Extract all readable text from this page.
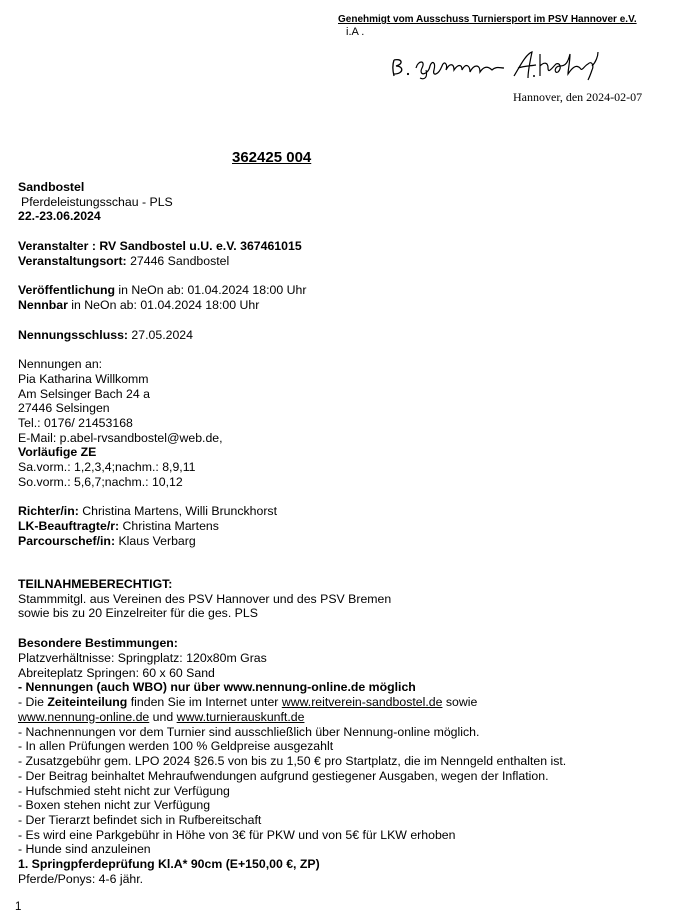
Genehmigt vom Ausschuss Turniersport im PSV Hannover e.V.
i.A .
Hannover, den 2024-02-07
362425 004
Sandbostel
Pferdeleistungsschau - PLS
22.-23.06.2024
Veranstalter : RV Sandbostel u.U. e.V. 367461015
Veranstaltungsort: 27446 Sandbostel
Veröffentlichung in NeOn ab: 01.04.2024 18:00 Uhr
Nennbar in NeOn ab: 01.04.2024 18:00 Uhr
Nennungsschluss: 27.05.2024
Nennungen an:
Pia Katharina Willkomm
Am Selsinger Bach 24 a
27446 Selsingen
Tel.: 0176/ 21453168
E-Mail: p.abel-rvsandbostel@web.de,
Vorläufige ZE
Sa.vorm.: 1,2,3,4;nachm.: 8,9,11
So.vorm.: 5,6,7;nachm.: 10,12
Richter/in: Christina Martens, Willi Brunckhorst
LK-Beauftragte/r: Christina Martens
Parcourschef/in: Klaus Verbarg
TEILNAHMEBERECHTIGT:
Stammmitgl. aus Vereinen des PSV Hannover und des PSV Bremen
sowie bis zu 20 Einzelreiter für die ges. PLS
Besondere Bestimmungen:
Platzverhältnisse: Springplatz: 120x80m Gras
Abreiteplatz Springen: 60 x 60 Sand
- Nennungen (auch WBO) nur über www.nennung-online.de möglich
- Die Zeiteinteilung finden Sie im Internet unter www.reitverein-sandbostel.de sowie
www.nennung-online.de und www.turnierauskunft.de
- Nachnennungen vor dem Turnier sind ausschließlich über Nennung-online möglich.
- In allen Prüfungen werden 100 % Geldpreise ausgezahlt
- Zusatzgebühr gem. LPO 2024 §26.5 von bis zu 1,50 € pro Startplatz, die im Nenngeld enthalten ist.
- Der Beitrag beinhaltet Mehraufwendungen aufgrund gestiegener Ausgaben, wegen der Inflation.
- Hufschmied steht nicht zur Verfügung
- Boxen stehen nicht zur Verfügung
- Der Tierarzt befindet sich in Rufbereitschaft
- Es wird eine Parkgebühr in Höhe von 3€ für PKW und von 5€ für LKW erhoben
- Hunde sind anzuleinen
1. Springpferdeprüfung Kl.A* 90cm (E+150,00 €, ZP)
Pferde/Ponys: 4-6 jähr.
1
